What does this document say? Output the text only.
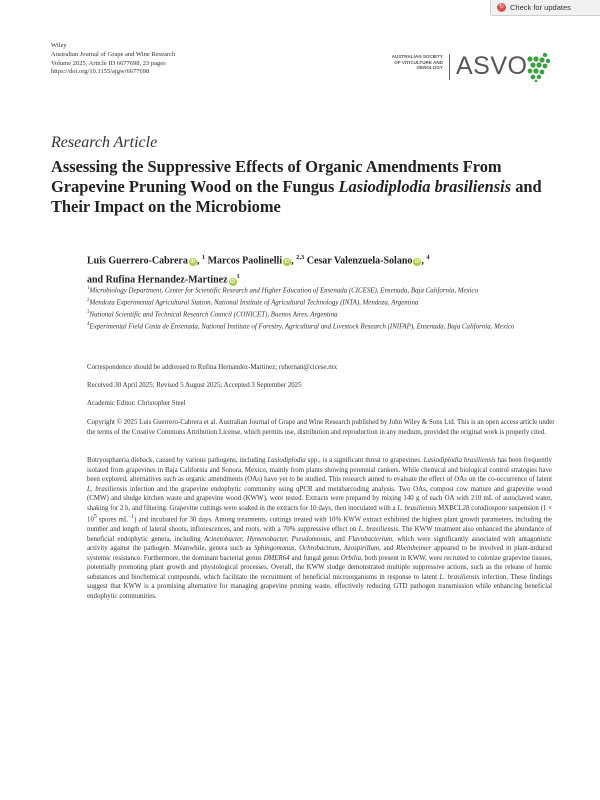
↻ Check for updates
Wiley
Australian Journal of Grape and Wine Research
Volume 2025, Article ID 6677698, 23 pages
https://doi.org/10.1155/ajgw/6677698
AUSTRALIAN SOCIETY
OF VITICULTURE AND
OENOLOGY ASVO
Research Article
Assessing the Suppressive Effects of Organic Amendments From Grapevine Pruning Wood on the Fungus Lasiodiplodia brasiliensis and Their Impact on the Microbiome
Luis Guerrero-Cabrera iD , $^1$ Marcos Paolinelli iD , $^{2,3}$ Cesar Valenzuela-Solano iD , $^4$
and Rufina Hernandez-Martinez $iD^1$
$^1$Microbiology Department, Center for Scientific Research and Higher Education of Ensenada (CICESE), Ensenada, Baja California, Mexico
$^2$Mendoza Experimental Agricultural Station, National Institute of Agricultural Technology (INTA), Mendoza, Argentina
$^3$National Scientific and Technical Research Council (CONICET), Buenos Aires, Argentina
$^4$Experimental Field Costa de Ensenada, National Institute of Forestry, Agricultural and Livestock Research (INIFAP), Ensenada, Baja California, Mexico
Correspondence should be addressed to Rufina Hernandez-Martinez; ruhernan@cicese.mx
Received 30 April 2025; Revised 5 August 2025; Accepted 3 September 2025
Academic Editor: Christopher Steel
Copyright © 2025 Luis Guerrero-Cabrera et al. Australian Journal of Grape and Wine Research published by John Wiley & Sons Ltd. This is an open access article under the terms of the Creative Commons Attribution License, which permits use, distribution and reproduction in any medium, provided the original work is properly cited.

Botryosphaeria dieback, caused by various pathogens, including Lasiodiplodia spp., is a significant threat to grapevines. Lasiodiplodia brasiliensis has been frequently isolated from grapevines in Baja California and Sonora, Mexico, mainly from plants showing perennial cankers. While chemical and biological control strategies have been explored, alternatives such as organic amendments (OAs) have yet to be studied. This research aimed to evaluate the effect of OAs on the co-occurrence of latent L. brasiliensis infection and the grapevine endophytic community using qPCR and metabarcoding analysis. Two OAs, compost cow manure and grapevine wood (CMW) and sludge kitchen waste and grapevine wood (KWW), were tested. Extracts were prepared by mixing 140 g of each OA with 210 mL of autoclaved water, shaking for 2 h, and filtering. Grapevine cuttings were soaked in the extracts for 10 days, then inoculated with a L. brasiliensis MXBCL28 conidiospore suspension ($1 \times 10^5$ spores $mL^{-1}$) and incubated for 30 days. Among treatments, cuttings treated with 10% KWW extract exhibited the highest plant growth parameters, including the number and length of lateral shoots, inflorescences, and roots, with a 70% suppressive effect on L. brasiliensis. The KWW treatment also enhanced the abundance of beneficial endophytic genera, including Acinetobacter, Hymenobacter, Pseudomonas, and Flavobacterium, which were significantly associated with antagonistic activity against the pathogen. Meanwhile, genera such as Sphingomonas, Ochrobactrum, Azospirillum, and Rheinheimer appeared to be involved in plant-induced systemic resistance. Furthermore, the dominant bacterial genus DMER64 and fungal genus Orbilia, both present in KWW, were recruited to colonize grapevine tissues, potentially promoting plant growth and physiological processes. Overall, the KWW sludge demonstrated multiple suppressive actions, such as the release of humic substances and biochemical compounds, which facilitate the recruitment of beneficial microorganisms in response to latent L. brasiliensis infection. These findings suggest that KWW is a promising alternative for managing grapevine pruning waste, effectively reducing GTD pathogen transmission while enhancing beneficial endophytic communities.
